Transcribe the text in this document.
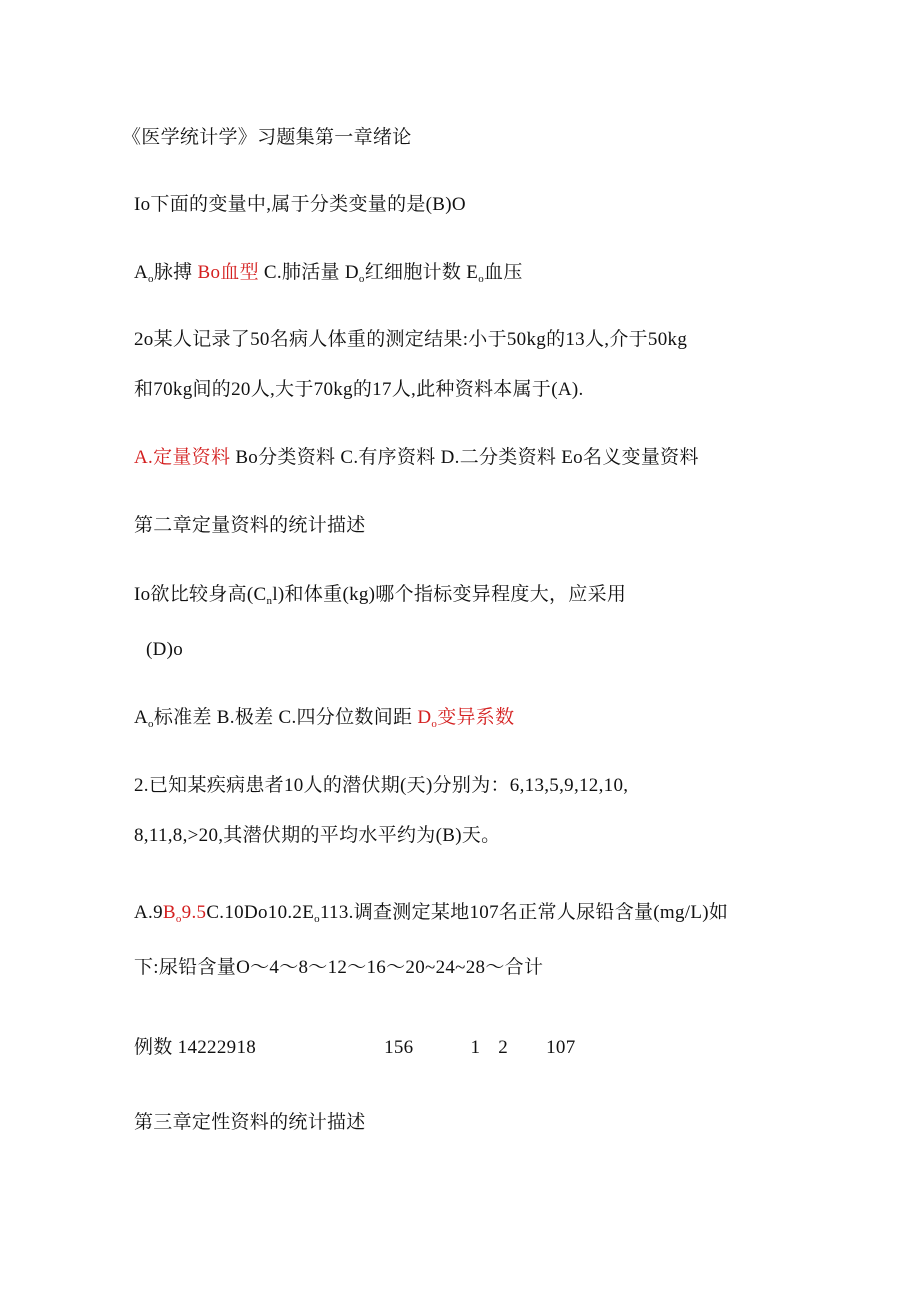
《医学统计学》习题集第一章绪论
Io下面的变量中,属于分类变量的是(B)O
$A_o$脉搏 Bo血型 C.肺活量 $D_o$红细胞计数 $E_o$血压
2o某人记录了50名病人体重的测定结果:小于50kg的13人,介于50kg
和70kg间的20人,大于70kg的17人,此种资料本属于(A).
A.定量资料 Bo分类资料 C.有序资料 D.二分类资料 Eo名义变量资料
第二章定量资料的统计描述
Io欲比较身高$(C_nl)$和体重(kg)哪个指标变异程度大，应采用
(D)o
$A_o$标准差 B.极差 C.四分位数间距 $D_o$变异系数
2.已知某疾病患者10人的潜伏期(天)分别为：6,13,5,9,12,10,
8,11,8,>20,其潜伏期的平均水平约为(B)天。
$A.9B_o9.5C.10Do10.2E_o113$.调查测定某地107名正常人尿铅含量(mg/L)如
下:尿铅含量O～4～8～12～16～20~24~28～合计
例数 14222918	156	1 2 107
第三章定性资料的统计描述
